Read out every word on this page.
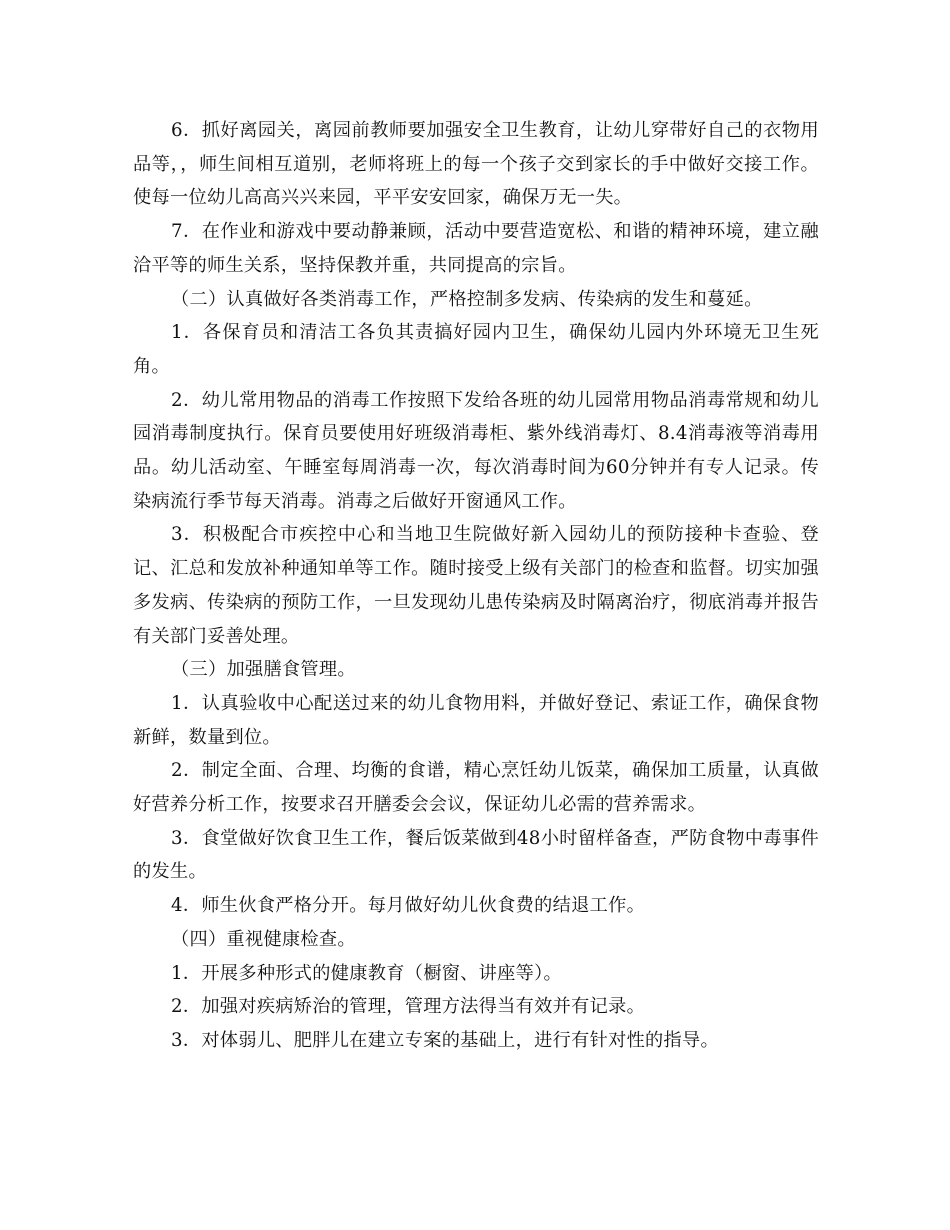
6．抓好离园关，离园前教师要加强安全卫生教育，让幼儿穿带好自己的衣物用品等，，师生间相互道别，老师将班上的每一个孩子交到家长的手中做好交接工作。使每一位幼儿高高兴兴来园，平平安安回家，确保万无一失。

7．在作业和游戏中要动静兼顾，活动中要营造宽松、和谐的精神环境，建立融洽平等的师生关系，坚持保教并重，共同提高的宗旨。

（二）认真做好各类消毒工作，严格控制多发病、传染病的发生和蔓延。

1．各保育员和清洁工各负其责搞好园内卫生，确保幼儿园内外环境无卫生死角。

2．幼儿常用物品的消毒工作按照下发给各班的幼儿园常用物品消毒常规和幼儿园消毒制度执行。保育员要使用好班级消毒柜、紫外线消毒灯、8.4消毒液等消毒用品。幼儿活动室、午睡室每周消毒一次，每次消毒时间为60分钟并有专人记录。传染病流行季节每天消毒。消毒之后做好开窗通风工作。

3．积极配合市疾控中心和当地卫生院做好新入园幼儿的预防接种卡查验、登记、汇总和发放补种通知单等工作。随时接受上级有关部门的检查和监督。切实加强多发病、传染病的预防工作，一旦发现幼儿患传染病及时隔离治疗，彻底消毒并报告有关部门妥善处理。

（三）加强膳食管理。

1．认真验收中心配送过来的幼儿食物用料，并做好登记、索证工作，确保食物新鲜，数量到位。

2．制定全面、合理、均衡的食谱，精心烹饪幼儿饭菜，确保加工质量，认真做好营养分析工作，按要求召开膳委会会议，保证幼儿必需的营养需求。

3．食堂做好饮食卫生工作，餐后饭菜做到48小时留样备查，严防食物中毒事件的发生。

4．师生伙食严格分开。每月做好幼儿伙食费的结退工作。

（四）重视健康检查。

1．开展多种形式的健康教育（橱窗、讲座等）。

2．加强对疾病矫治的管理，管理方法得当有效并有记录。

3．对体弱儿、肥胖儿在建立专案的基础上，进行有针对性的指导。
